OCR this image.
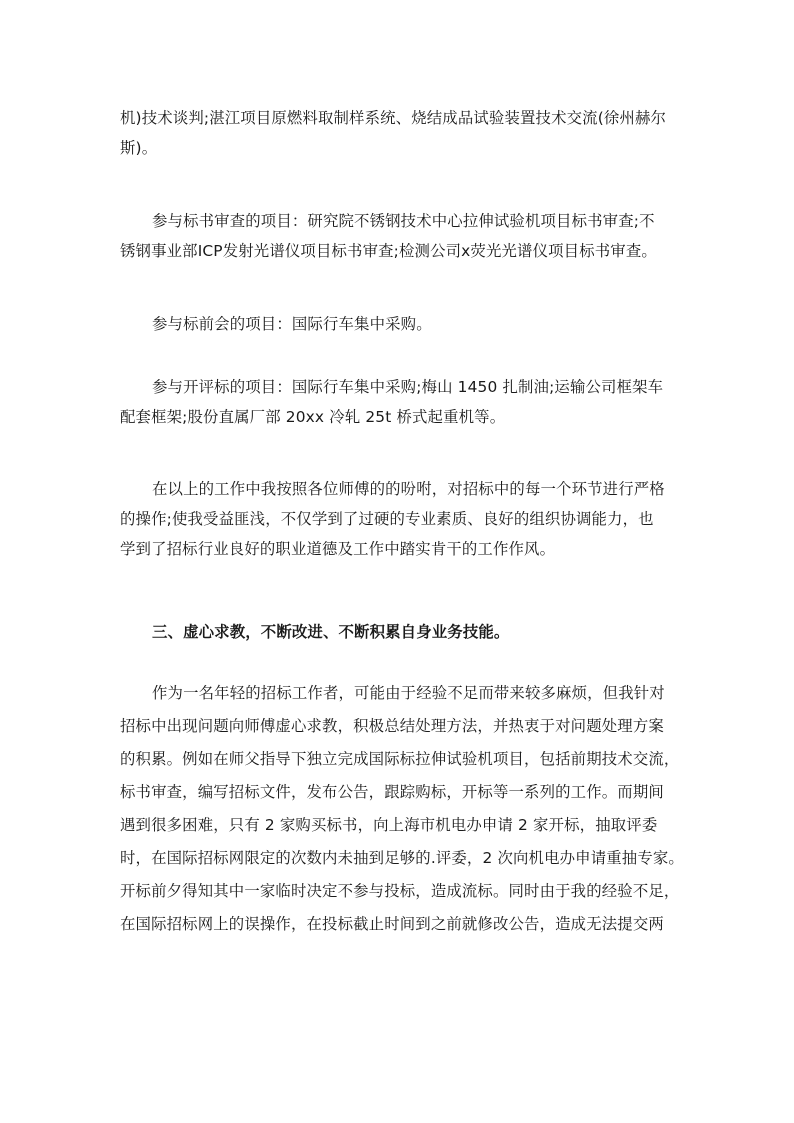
机)技术谈判;湛江项目原燃料取制样系统、烧结成品试验装置技术交流(徐州赫尔
斯)。
参与标书审查的项目：研究院不锈钢技术中心拉伸试验机项目标书审查;不
锈钢事业部ICP发射光谱仪项目标书审查;检测公司x荧光光谱仪项目标书审查。
参与标前会的项目：国际行车集中采购。
参与开评标的项目：国际行车集中采购;梅山 1450 扎制油;运输公司框架车
配套框架;股份直属厂部 20xx 冷轧 25t 桥式起重机等。
在以上的工作中我按照各位师傅的的吩咐，对招标中的每一个环节进行严格
的操作;使我受益匪浅，不仅学到了过硬的专业素质、良好的组织协调能力，也
学到了招标行业良好的职业道德及工作中踏实肯干的工作作风。
三、虚心求教，不断改进、不断积累自身业务技能。
作为一名年轻的招标工作者，可能由于经验不足而带来较多麻烦，但我针对
招标中出现问题向师傅虚心求教，积极总结处理方法，并热衷于对问题处理方案
的积累。例如在师父指导下独立完成国际标拉伸试验机项目，包括前期技术交流，
标书审查，编写招标文件，发布公告，跟踪购标，开标等一系列的工作。而期间
遇到很多困难，只有 2 家购买标书，向上海市机电办申请 2 家开标，抽取评委
时，在国际招标网限定的次数内未抽到足够的.评委，2 次向机电办申请重抽专家。
开标前夕得知其中一家临时决定不参与投标，造成流标。同时由于我的经验不足，
在国际招标网上的误操作，在投标截止时间到之前就修改公告，造成无法提交两
